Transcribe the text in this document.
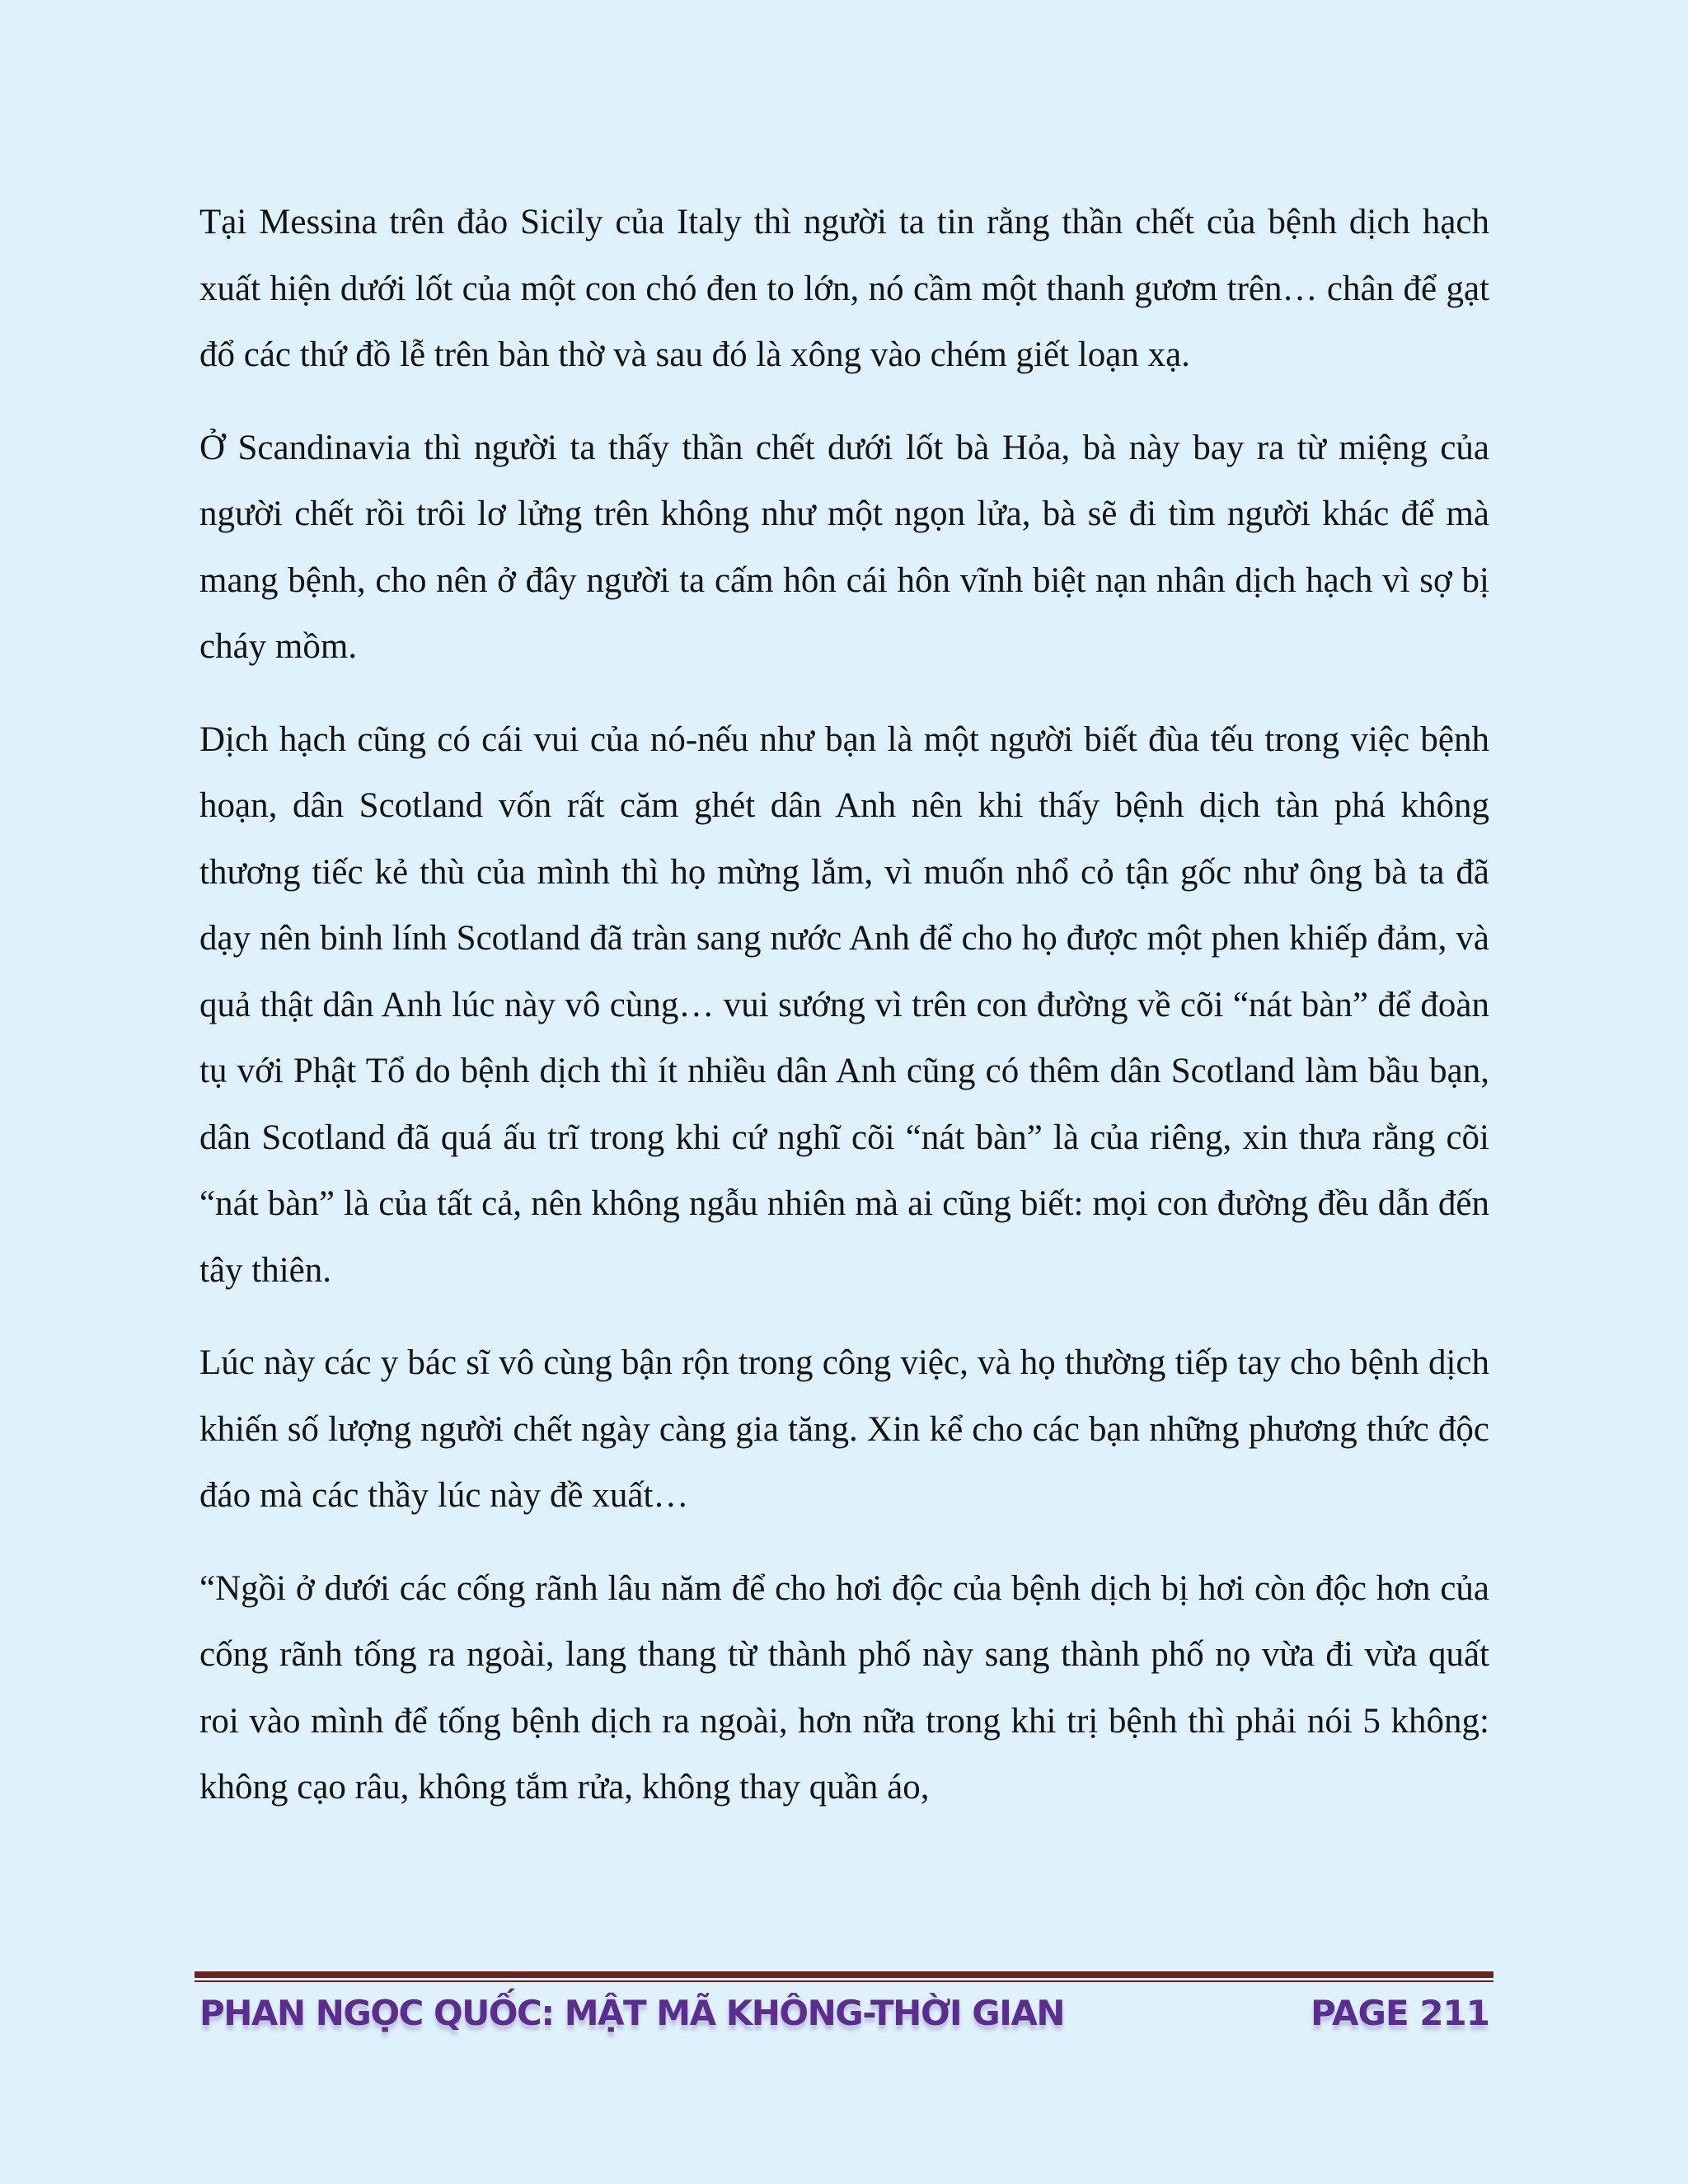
Tại Messina trên đảo Sicily của Italy thì người ta tin rằng thần chết của bệnh dịch hạch xuất hiện dưới lốt của một con chó đen to lớn, nó cầm một thanh gươm trên… chân để gạt đổ các thứ đồ lễ trên bàn thờ và sau đó là xông vào chém giết loạn xạ.

Ở Scandinavia thì người ta thấy thần chết dưới lốt bà Hỏa, bà này bay ra từ miệng của người chết rồi trôi lơ lửng trên không như một ngọn lửa, bà sẽ đi tìm người khác để mà mang bệnh, cho nên ở đây người ta cấm hôn cái hôn vĩnh biệt nạn nhân dịch hạch vì sợ bị cháy mồm.

Dịch hạch cũng có cái vui của nó-nếu như bạn là một người biết đùa tếu trong việc bệnh hoạn, dân Scotland vốn rất căm ghét dân Anh nên khi thấy bệnh dịch tàn phá không thương tiếc kẻ thù của mình thì họ mừng lắm, vì muốn nhổ cỏ tận gốc như ông bà ta đã dạy nên binh lính Scotland đã tràn sang nước Anh để cho họ được một phen khiếp đảm, và quả thật dân Anh lúc này vô cùng… vui sướng vì trên con đường về cõi “nát bàn” để đoàn tụ với Phật Tổ do bệnh dịch thì ít nhiều dân Anh cũng có thêm dân Scotland làm bầu bạn, dân Scotland đã quá ấu trĩ trong khi cứ nghĩ cõi “nát bàn” là của riêng, xin thưa rằng cõi “nát bàn” là của tất cả, nên không ngẫu nhiên mà ai cũng biết: mọi con đường đều dẫn đến tây thiên.

Lúc này các y bác sĩ vô cùng bận rộn trong công việc, và họ thường tiếp tay cho bệnh dịch khiến số lượng người chết ngày càng gia tăng. Xin kể cho các bạn những phương thức độc đáo mà các thầy lúc này đề xuất…

“Ngồi ở dưới các cống rãnh lâu năm để cho hơi độc của bệnh dịch bị hơi còn độc hơn của cống rãnh tống ra ngoài, lang thang từ thành phố này sang thành phố nọ vừa đi vừa quất roi vào mình để tống bệnh dịch ra ngoài, hơn nữa trong khi trị bệnh thì phải nói 5 không: không cạo râu, không tắm rửa, không thay quần áo,

PHAN NGỌC QUỐC: MẬT MÃ KHÔNG-THỜI GIAN	PAGE 211
